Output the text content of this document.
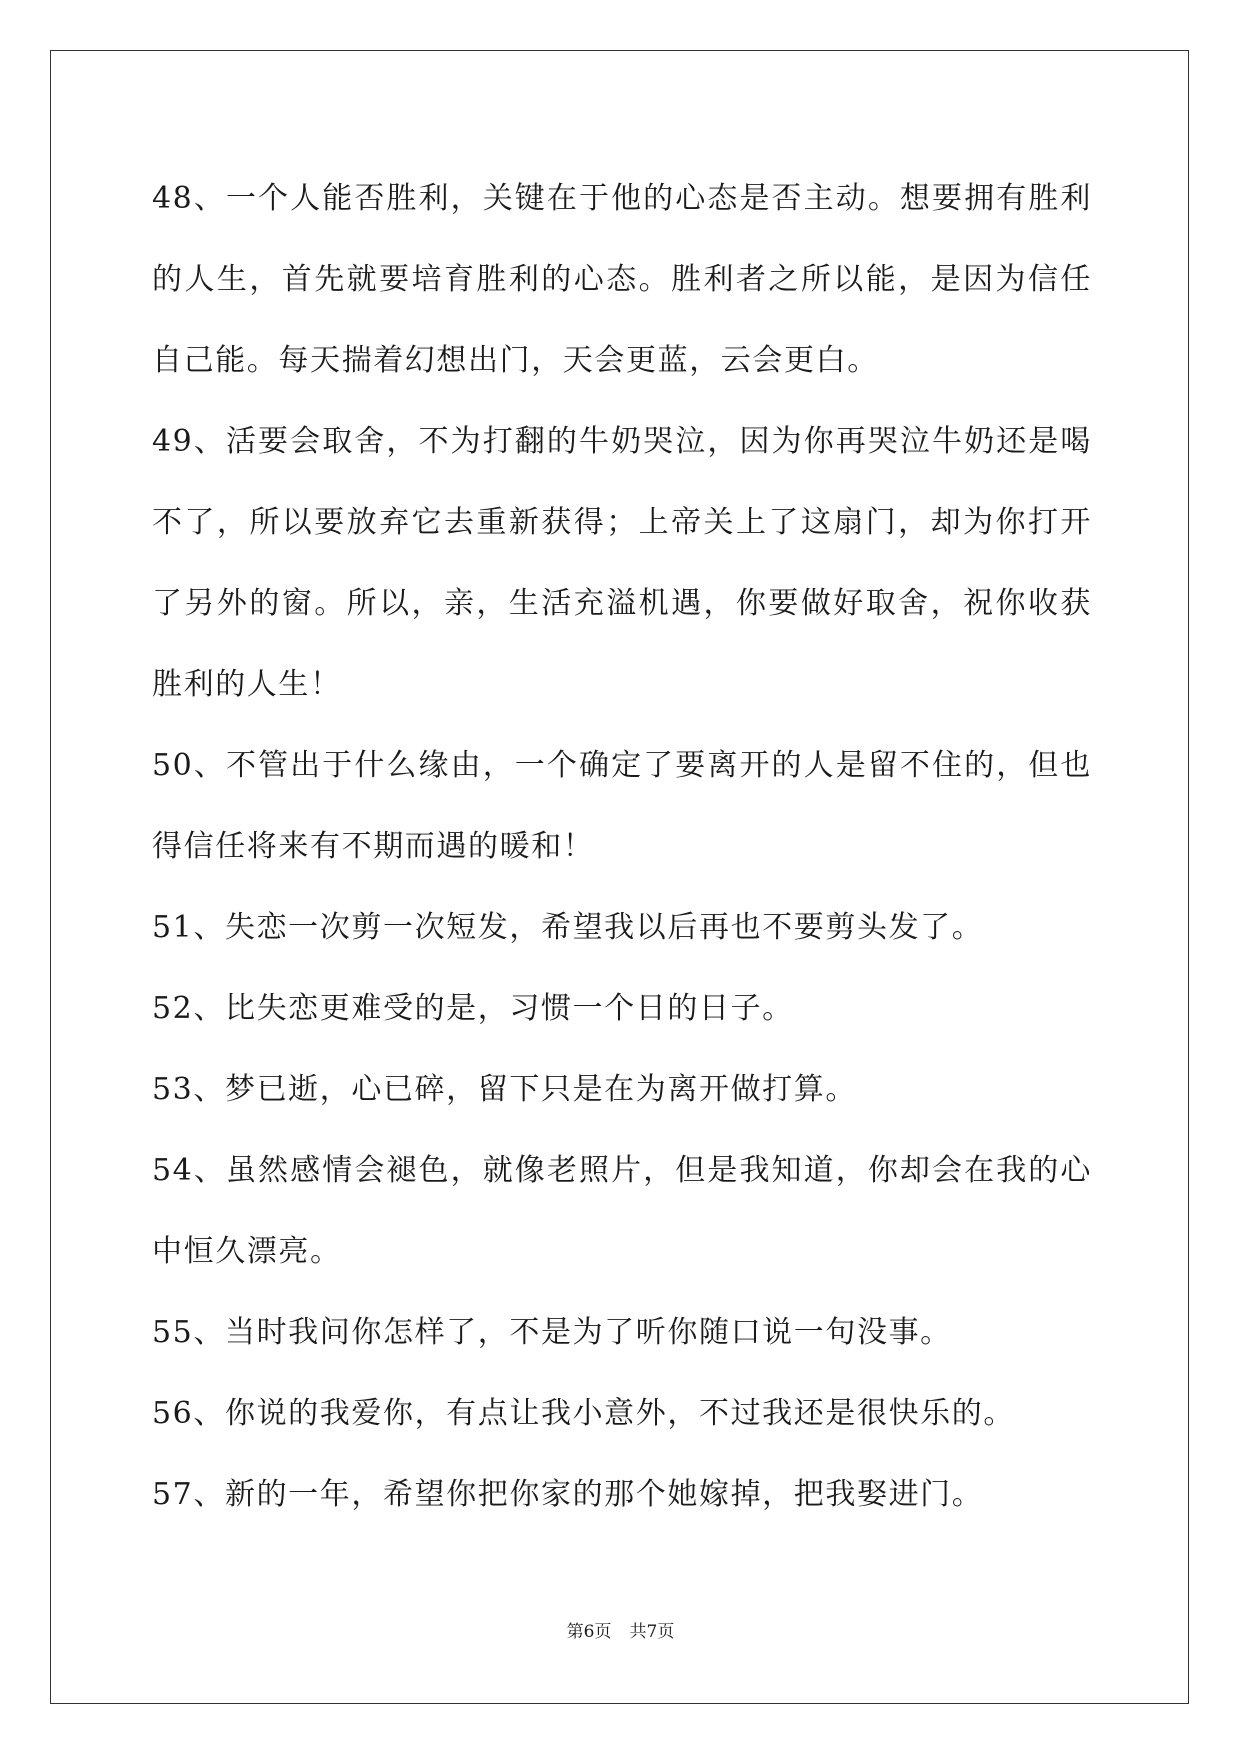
48、一个人能否胜利，关键在于他的心态是否主动。想要拥有胜利的人生，首先就要培育胜利的心态。胜利者之所以能，是因为信任自己能。每天揣着幻想出门，天会更蓝，云会更白。

49、活要会取舍，不为打翻的牛奶哭泣，因为你再哭泣牛奶还是喝不了，所以要放弃它去重新获得；上帝关上了这扇门，却为你打开了另外的窗。所以，亲，生活充溢机遇，你要做好取舍，祝你收获胜利的人生！

50、不管出于什么缘由，一个确定了要离开的人是留不住的，但也得信任将来有不期而遇的暖和！

51、失恋一次剪一次短发，希望我以后再也不要剪头发了。

52、比失恋更难受的是，习惯一个日的日子。

53、梦已逝，心已碎，留下只是在为离开做打算。

54、虽然感情会褪色，就像老照片，但是我知道，你却会在我的心中恒久漂亮。

55、当时我问你怎样了，不是为了听你随口说一句没事。

56、你说的我爱你，有点让我小意外，不过我还是很快乐的。

57、新的一年，希望你把你家的那个她嫁掉，把我娶进门。

第6页 共7页
